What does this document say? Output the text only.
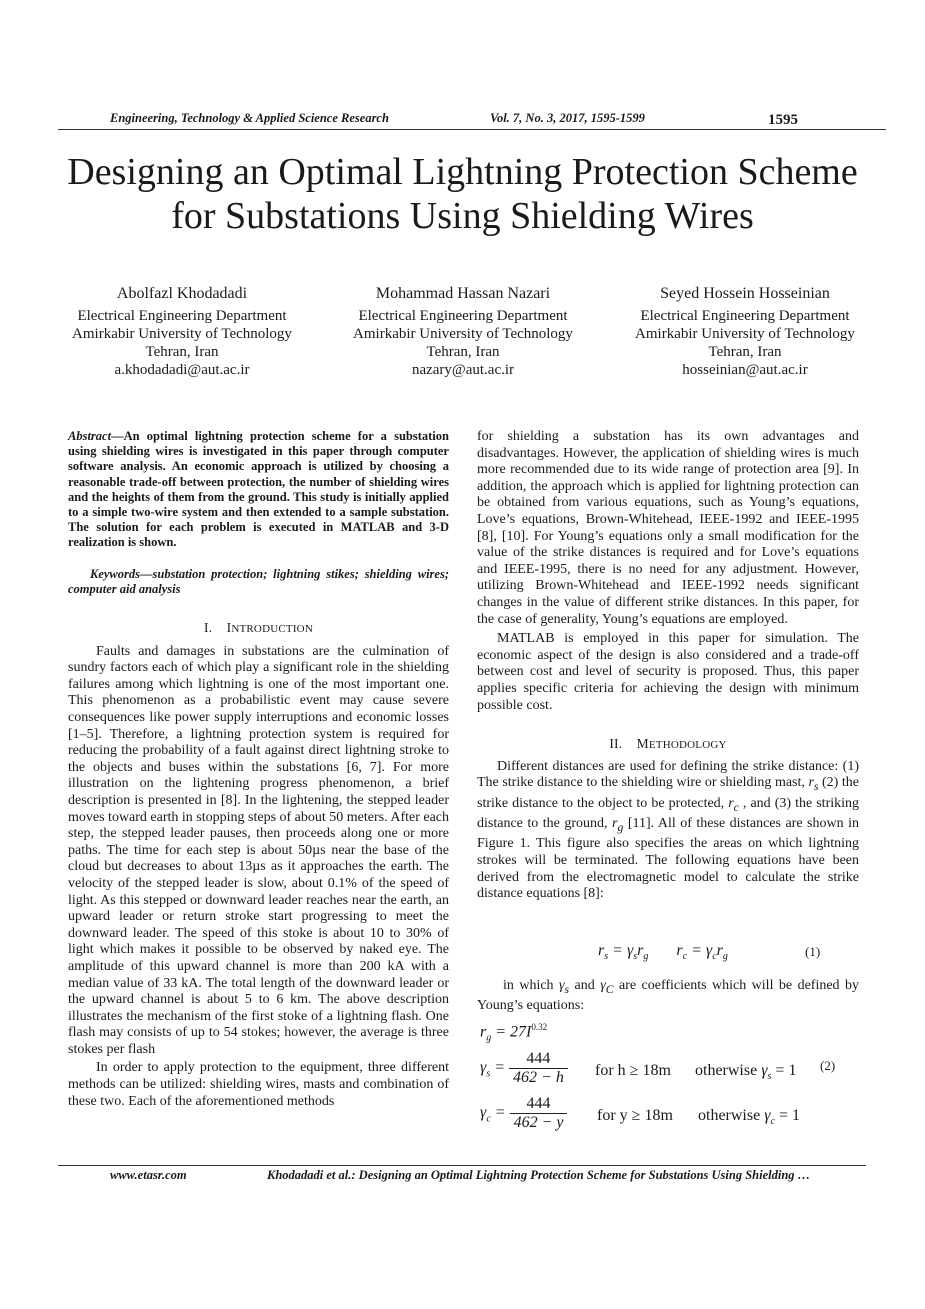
Engineering, Technology & Applied Science Research	Vol. 7, No. 3, 2017, 1595-1599	1595
Designing an Optimal Lightning Protection Scheme
for Substations Using Shielding Wires
Abolfazl Khodadadi
Electrical Engineering Department
Amirkabir University of Technology
Tehran, Iran
a.khodadadi@aut.ac.ir
Mohammad Hassan Nazari
Electrical Engineering Department
Amirkabir University of Technology
Tehran, Iran
nazary@aut.ac.ir
Seyed Hossein Hosseinian
Electrical Engineering Department
Amirkabir University of Technology
Tehran, Iran
hosseinian@aut.ac.ir

Abstract—An optimal lightning protection scheme for a substation using shielding wires is investigated in this paper through computer software analysis. An economic approach is utilized by choosing a reasonable trade-off between protection, the number of shielding wires and the heights of them from the ground. This study is initially applied to a simple two-wire system and then extended to a sample substation. The solution for each problem is executed in MATLAB and 3-D realization is shown.

Keywords—substation protection; lightning stikes; shielding wires; computer aid analysis

I. INTRODUCTION

Faults and damages in substations are the culmination of sundry factors each of which play a significant role in the shielding failures among which lightning is one of the most important one. This phenomenon as a probabilistic event may cause severe consequences like power supply interruptions and economic losses [1–5]. Therefore, a lightning protection system is required for reducing the probability of a fault against direct lightning stroke to the objects and buses within the substations [6, 7]. For more illustration on the lightening progress phenomenon, a brief description is presented in [8]. In the lightening, the stepped leader moves toward earth in stopping steps of about 50 meters. After each step, the stepped leader pauses, then proceeds along one or more paths. The time for each step is about 50µs near the base of the cloud but decreases to about 13µs as it approaches the earth. The velocity of the stepped leader is slow, about 0.1% of the speed of light. As this stepped or downward leader reaches near the earth, an upward leader or return stroke start progressing to meet the downward leader. The speed of this stoke is about 10 to 30% of light which makes it possible to be observed by naked eye. The amplitude of this upward channel is more than 200 kA with a median value of 33 kA. The total length of the downward leader or the upward channel is about 5 to 6 km. The above description illustrates the mechanism of the first stoke of a lightning flash. One flash may consists of up to 54 stokes; however, the average is three stokes per flash

In order to apply protection to the equipment, three different methods can be utilized: shielding wires, masts and combination of these two. Each of the aforementioned methods

for shielding a substation has its own advantages and disadvantages. However, the application of shielding wires is much more recommended due to its wide range of protection area [9]. In addition, the approach which is applied for lightning protection can be obtained from various equations, such as Young’s equations, Love’s equations, Brown-Whitehead, IEEE-1992 and IEEE-1995 [8], [10]. For Young’s equations only a small modification for the value of the strike distances is required and for Love’s equations and IEEE-1995, there is no need for any adjustment. However, utilizing Brown-Whitehead and IEEE-1992 needs significant changes in the value of different strike distances. In this paper, for the case of generality, Young’s equations are employed.

MATLAB is employed in this paper for simulation. The economic aspect of the design is also considered and a trade-off between cost and level of security is proposed. Thus, this paper applies specific criteria for achieving the design with minimum possible cost.

II. METHODOLOGY

Different distances are used for defining the strike distance: (1) The strike distance to the shielding wire or shielding mast, $r_s$ (2) the strike distance to the object to be protected, $r_c$ , and (3) the striking distance to the ground, $r_g$ [11]. All of these distances are shown in Figure 1. This figure also specifies the areas on which lightning strokes will be terminated. The following equations have been derived from the electromagnetic model to calculate the strike distance equations [8]:

$r_s = \gamma_sr_g$       $r_c = \gamma_cr_g$	(1)

in which $\gamma_s$ and $\gamma_C$ are coefficients which will be defined by Young’s equations:

$r_g = 27I^{0.32}$
$\gamma_s = \frac{444}{462 - h}$ for h ≥ 18m otherwise $\gamma_s = 1$ (2)
$\gamma_c = \frac{444}{462 - y}$ for y ≥ 18m otherwise $\gamma_c = 1$
www.etasr.com	Khodadadi et al.: Designing an Optimal Lightning Protection Scheme for Substations Using Shielding …
